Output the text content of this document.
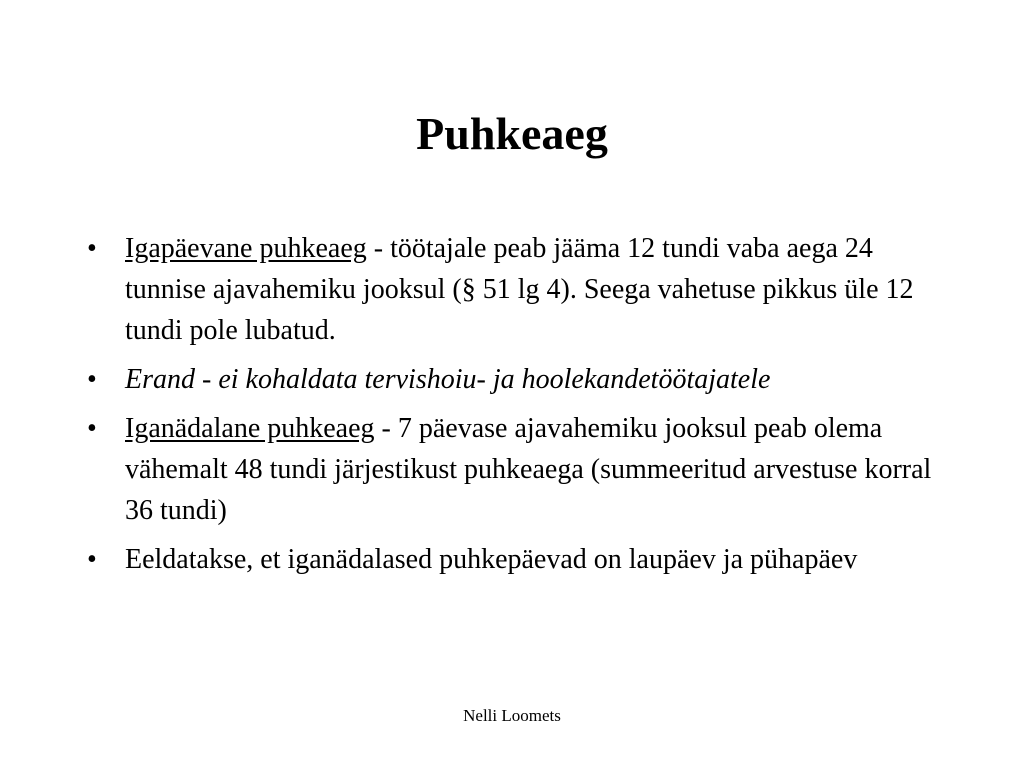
Puhkeaeg
•	Igapäevane puhkeaeg - töötajale peab jääma 12 tundi vaba aega 24 tunnise ajavahemiku jooksul (§ 51 lg 4). Seega vahetuse pikkus üle 12 tundi pole lubatud.
•	Erand - ei kohaldata tervishoiu- ja hoolekandetöötajatele
•	Iganädalane puhkeaeg - 7 päevase ajavahemiku jooksul peab olema vähemalt 48 tundi järjestikust puhkeaega (summeeritud arvestuse korral 36 tundi)
•	Eeldatakse, et iganädalased puhkepäevad on laupäev ja pühapäev
Nelli Loomets
